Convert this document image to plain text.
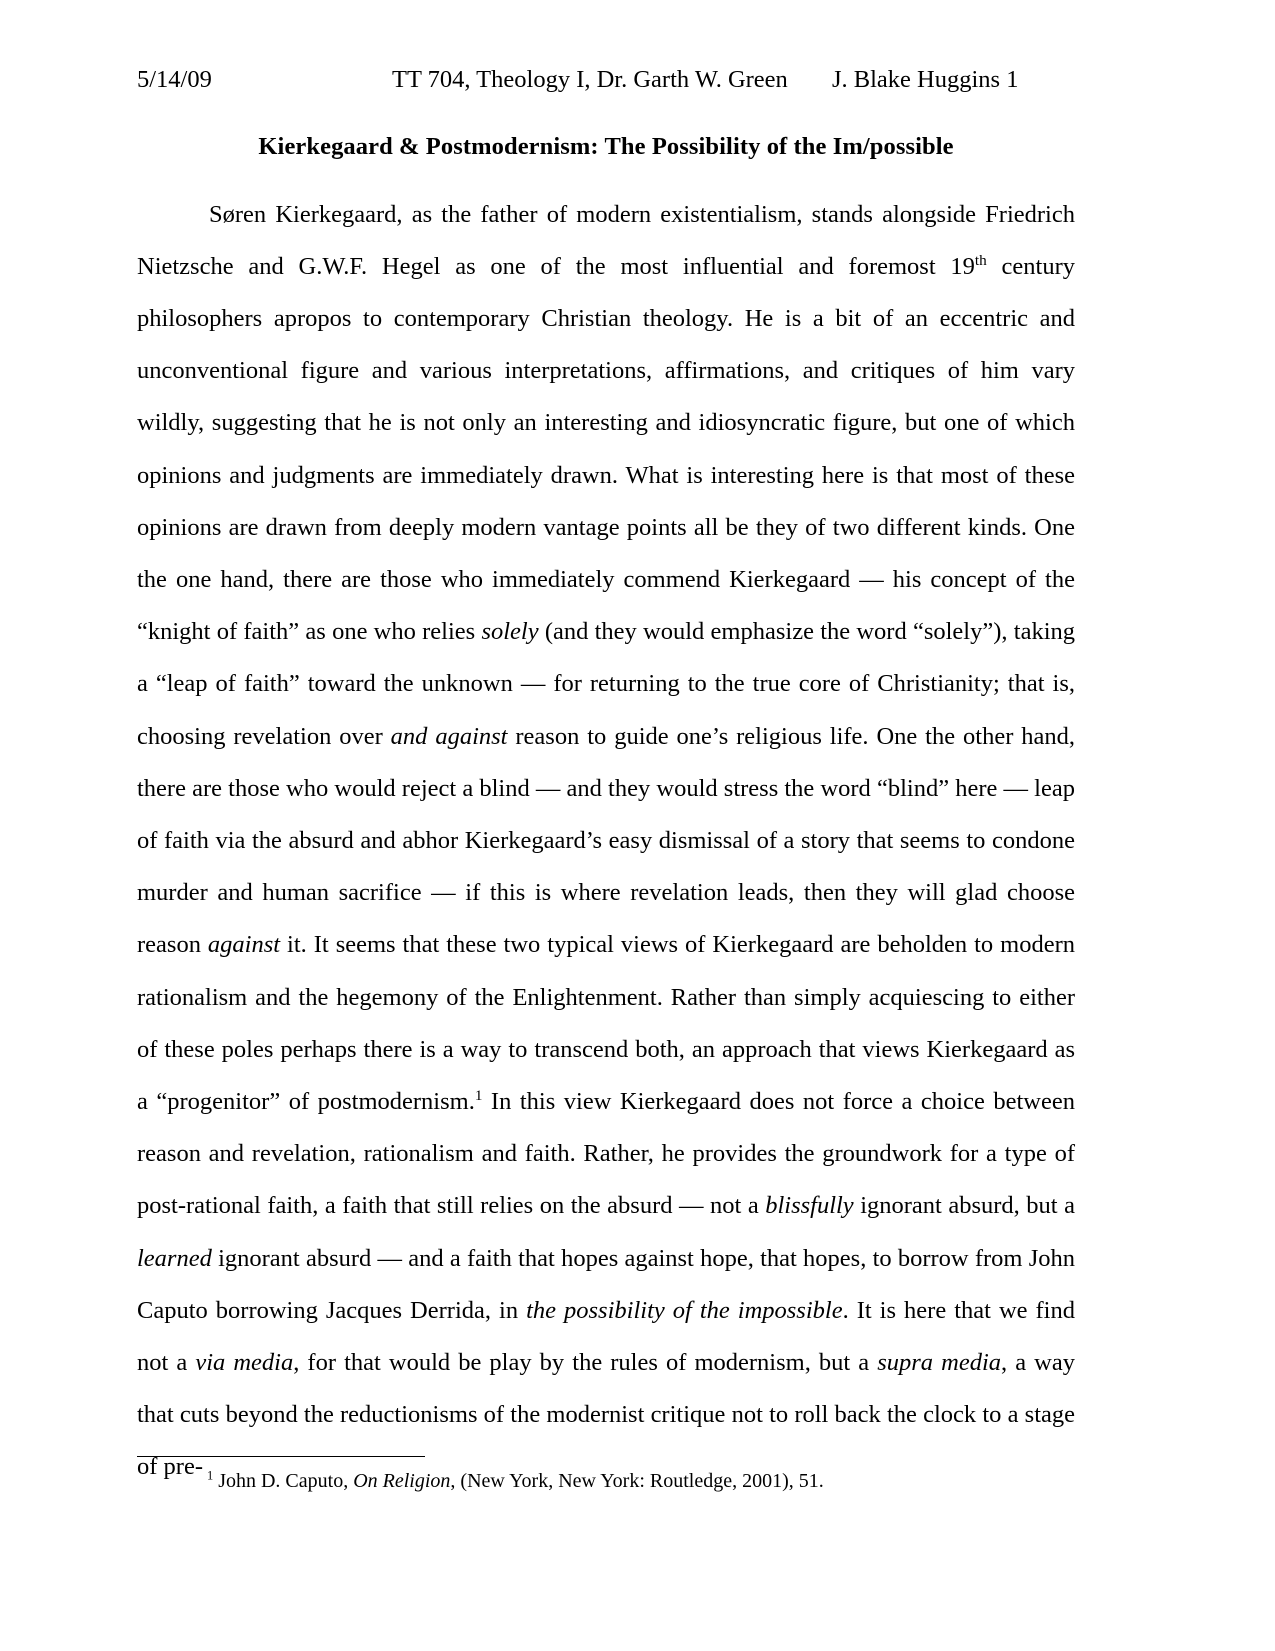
5/14/09	TT 704, Theology I, Dr. Garth W. Green J. Blake Huggins 1
Kierkegaard & Postmodernism: The Possibility of the Im/possible

Søren Kierkegaard, as the father of modern existentialism, stands alongside Friedrich Nietzsche and G.W.F. Hegel as one of the most influential and foremost 19th century philosophers apropos to contemporary Christian theology. He is a bit of an eccentric and unconventional figure and various interpretations, affirmations, and critiques of him vary wildly, suggesting that he is not only an interesting and idiosyncratic figure, but one of which opinions and judgments are immediately drawn. What is interesting here is that most of these opinions are drawn from deeply modern vantage points all be they of two different kinds. One the one hand, there are those who immediately commend Kierkegaard — his concept of the “knight of faith” as one who relies solely (and they would emphasize the word “solely”), taking a “leap of faith” toward the unknown — for returning to the true core of Christianity; that is, choosing revelation over and against reason to guide one’s religious life. One the other hand, there are those who would reject a blind — and they would stress the word “blind” here — leap of faith via the absurd and abhor Kierkegaard’s easy dismissal of a story that seems to condone murder and human sacrifice — if this is where revelation leads, then they will glad choose reason against it. It seems that these two typical views of Kierkegaard are beholden to modern rationalism and the hegemony of the Enlightenment. Rather than simply acquiescing to either of these poles perhaps there is a way to transcend both, an approach that views Kierkegaard as a “progenitor” of postmodernism.$^1$ In this view Kierkegaard does not force a choice between reason and revelation, rationalism and faith. Rather, he provides the groundwork for a type of post-rational faith, a faith that still relies on the absurd — not a blissfully ignorant absurd, but a learned ignorant absurd — and a faith that hopes against hope, that hopes, to borrow from John Caputo borrowing Jacques Derrida, in the possibility of the impossible. It is here that we find not a via media, for that would be play by the rules of modernism, but a supra media, a way that cuts beyond the reductionisms of the modernist critique not to roll back the clock to a stage of pre- $^1$ John D. Caputo, On Religion, (New York, New York: Routledge, 2001), 51.
